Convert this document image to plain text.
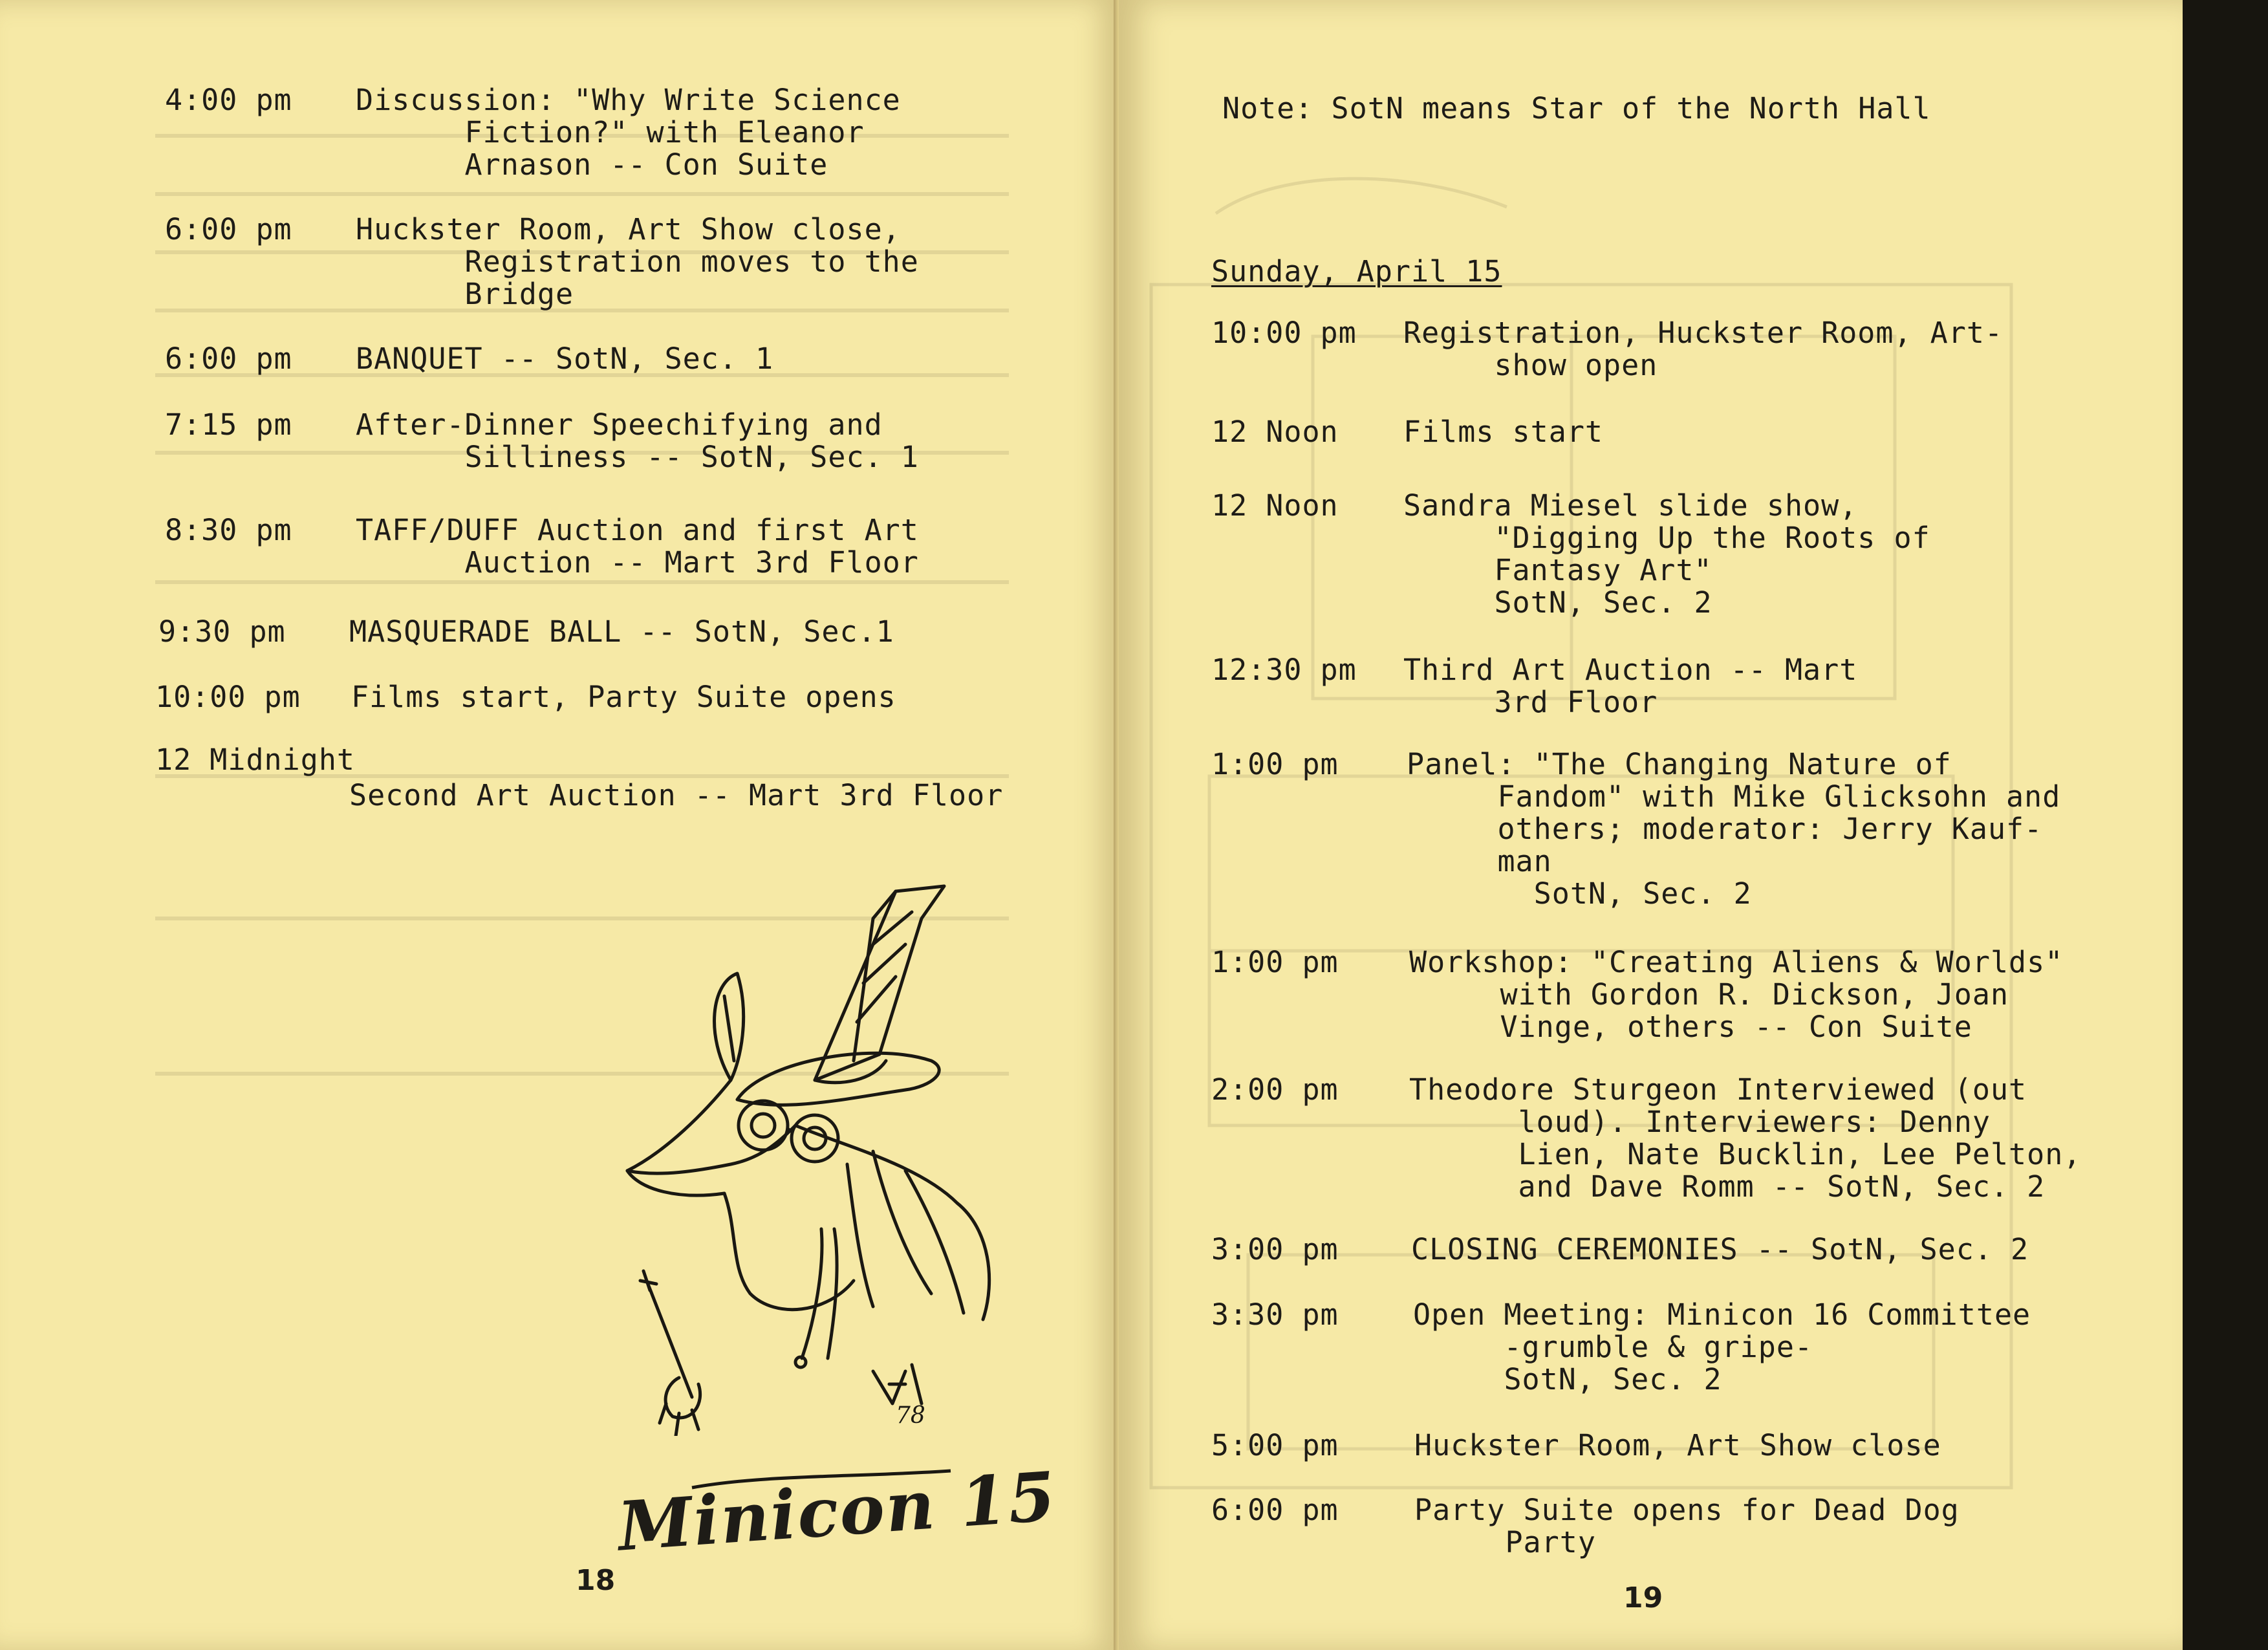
4:00 pm Discussion: "Why Write Science
Fiction?" with Eleanor
Arnason -- Con Suite
6:00 pm Huckster Room, Art Show close,
Registration moves to the
Bridge
6:00 pm BANQUET -- SotN, Sec. 1
7:15 pm After-Dinner Speechifying and
Silliness -- SotN, Sec. 1
8:30 pm TAFF/DUFF Auction and first Art
Auction -- Mart 3rd Floor
9:30 pm MASQUERADE BALL -- SotN, Sec.1
10:00 pm Films start, Party Suite opens
12 Midnight
Second Art Auction -- Mart 3rd Floor
78
Minicon 15
18
Note: SotN means Star of the North Hall
Sunday, April 15
10:00 pm Registration, Huckster Room, Art-
show open
12 Noon Films start
12 Noon Sandra Miesel slide show,
"Digging Up the Roots of
Fantasy Art"
SotN, Sec. 2
12:30 pm Third Art Auction -- Mart
3rd Floor
1:00 pm Panel: "The Changing Nature of
Fandom" with Mike Glicksohn and
others; moderator: Jerry Kauf-
man
SotN, Sec. 2
1:00 pm Workshop: "Creating Aliens & Worlds"
with Gordon R. Dickson, Joan
Vinge, others -- Con Suite
2:00 pm Theodore Sturgeon Interviewed (out
loud). Interviewers: Denny
Lien, Nate Bucklin, Lee Pelton,
and Dave Romm -- SotN, Sec. 2
3:00 pm CLOSING CEREMONIES -- SotN, Sec. 2
3:30 pm	Open Meeting: Minicon 16 Committee
-grumble & gripe-
SotN, Sec. 2
5:00 pm	Huckster Room, Art Show close
6:00 pm	Party Suite opens for Dead Dog
Party
19
